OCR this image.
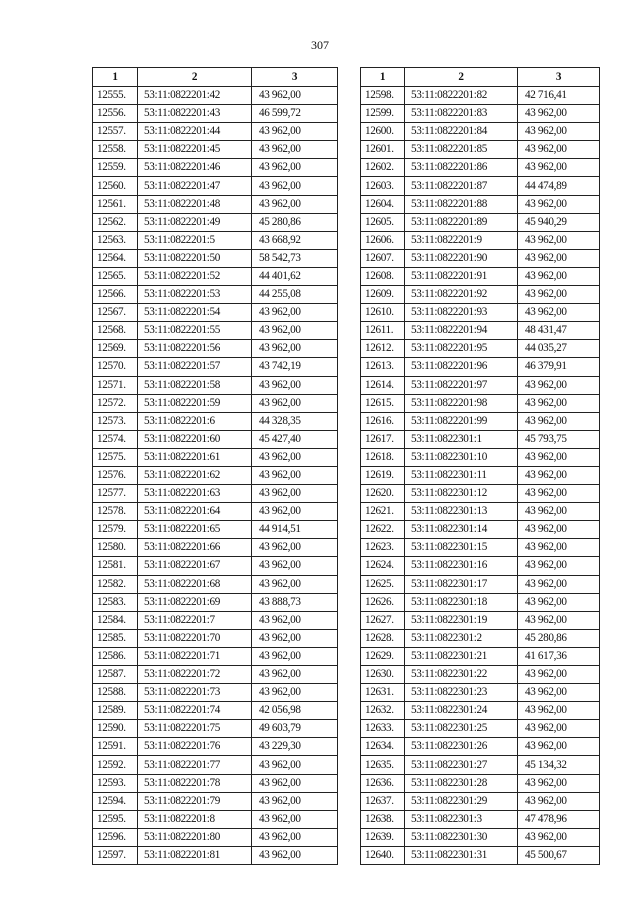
307
1	2	3
12555.	53:11:0822201:42	43 962,00
12556.	53:11:0822201:43	46 599,72
12557.	53:11:0822201:44	43 962,00
12558.	53:11:0822201:45	43 962,00
12559.	53:11:0822201:46	43 962,00
12560.	53:11:0822201:47	43 962,00
12561.	53:11:0822201:48	43 962,00
12562.	53:11:0822201:49	45 280,86
12563.	53:11:0822201:5	43 668,92
12564.	53:11:0822201:50	58 542,73
12565.	53:11:0822201:52	44 401,62
12566.	53:11:0822201:53	44 255,08
12567.	53:11:0822201:54	43 962,00
12568.	53:11:0822201:55	43 962,00
12569.	53:11:0822201:56	43 962,00
12570.	53:11:0822201:57	43 742,19
12571.	53:11:0822201:58	43 962,00
12572.	53:11:0822201:59	43 962,00
12573.	53:11:0822201:6	44 328,35
12574.	53:11:0822201:60	45 427,40
12575.	53:11:0822201:61	43 962,00
12576.	53:11:0822201:62	43 962,00
12577.	53:11:0822201:63	43 962,00
12578.	53:11:0822201:64	43 962,00
12579.	53:11:0822201:65	44 914,51
12580.	53:11:0822201:66	43 962,00
12581.	53:11:0822201:67	43 962,00
12582.	53:11:0822201:68	43 962,00
12583.	53:11:0822201:69	43 888,73
12584.	53:11:0822201:7	43 962,00
12585.	53:11:0822201:70	43 962,00
12586.	53:11:0822201:71	43 962,00
12587.	53:11:0822201:72	43 962,00
12588.	53:11:0822201:73	43 962,00
12589.	53:11:0822201:74	42 056,98
12590.	53:11:0822201:75	49 603,79
12591.	53:11:0822201:76	43 229,30
12592.	53:11:0822201:77	43 962,00
12593.	53:11:0822201:78	43 962,00
12594.	53:11:0822201:79	43 962,00
12595.	53:11:0822201:8	43 962,00
12596.	53:11:0822201:80	43 962,00
12597.	53:11:0822201:81	43 962,00
1	2	3
12598.	53:11:0822201:82	42 716,41
12599.	53:11:0822201:83	43 962,00
12600.	53:11:0822201:84	43 962,00
12601.	53:11:0822201:85	43 962,00
12602.	53:11:0822201:86	43 962,00
12603.	53:11:0822201:87	44 474,89
12604.	53:11:0822201:88	43 962,00
12605.	53:11:0822201:89	45 940,29
12606.	53:11:0822201:9	43 962,00
12607.	53:11:0822201:90	43 962,00
12608.	53:11:0822201:91	43 962,00
12609.	53:11:0822201:92	43 962,00
12610.	53:11:0822201:93	43 962,00
12611.	53:11:0822201:94	48 431,47
12612.	53:11:0822201:95	44 035,27
12613.	53:11:0822201:96	46 379,91
12614.	53:11:0822201:97	43 962,00
12615.	53:11:0822201:98	43 962,00
12616.	53:11:0822201:99	43 962,00
12617.	53:11:0822301:1	45 793,75
12618.	53:11:0822301:10	43 962,00
12619.	53:11:0822301:11	43 962,00
12620.	53:11:0822301:12	43 962,00
12621.	53:11:0822301:13	43 962,00
12622.	53:11:0822301:14	43 962,00
12623.	53:11:0822301:15	43 962,00
12624.	53:11:0822301:16	43 962,00
12625.	53:11:0822301:17	43 962,00
12626.	53:11:0822301:18	43 962,00
12627.	53:11:0822301:19	43 962,00
12628.	53:11:0822301:2	45 280,86
12629.	53:11:0822301:21	41 617,36
12630.	53:11:0822301:22	43 962,00
12631.	53:11:0822301:23	43 962,00
12632.	53:11:0822301:24	43 962,00
12633.	53:11:0822301:25	43 962,00
12634.	53:11:0822301:26	43 962,00
12635.	53:11:0822301:27	45 134,32
12636.	53:11:0822301:28	43 962,00
12637.	53:11:0822301:29	43 962,00
12638.	53:11:0822301:3	47 478,96
12639.	53:11:0822301:30	43 962,00
12640.	53:11:0822301:31	45 500,67
